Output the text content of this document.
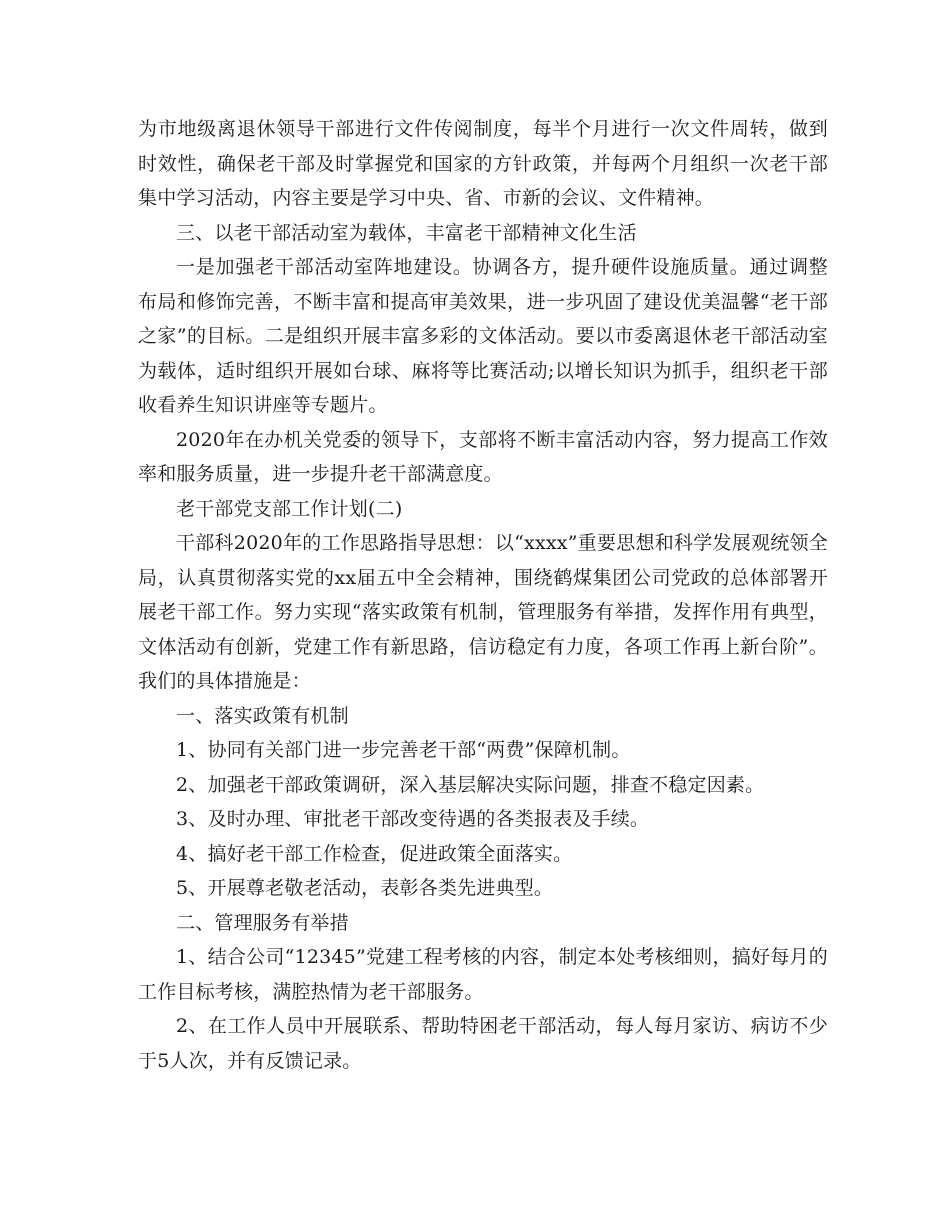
为市地级离退休领导干部进行文件传阅制度，每半个月进行一次文件周转，做到时效性，确保老干部及时掌握党和国家的方针政策，并每两个月组织一次老干部集中学习活动，内容主要是学习中央、省、市新的会议、文件精神。

三、以老干部活动室为载体，丰富老干部精神文化生活

一是加强老干部活动室阵地建设。协调各方，提升硬件设施质量。通过调整布局和修饰完善，不断丰富和提高审美效果，进一步巩固了建设优美温馨“老干部之家”的目标。二是组织开展丰富多彩的文体活动。要以市委离退休老干部活动室为载体，适时组织开展如台球、麻将等比赛活动;以增长知识为抓手，组织老干部收看养生知识讲座等专题片。

2020年在办机关党委的领导下，支部将不断丰富活动内容，努力提高工作效率和服务质量，进一步提升老干部满意度。

老干部党支部工作计划(二)

干部科2020年的工作思路指导思想：以“xxxx”重要思想和科学发展观统领全局，认真贯彻落实党的xx届五中全会精神，围绕鹤煤集团公司党政的总体部署开展老干部工作。努力实现“落实政策有机制，管理服务有举措，发挥作用有典型，文体活动有创新，党建工作有新思路，信访稳定有力度，各项工作再上新台阶”。我们的具体措施是：

一、落实政策有机制

1、协同有关部门进一步完善老干部“两费”保障机制。

2、加强老干部政策调研，深入基层解决实际问题，排查不稳定因素。

3、及时办理、审批老干部改变待遇的各类报表及手续。

4、搞好老干部工作检查，促进政策全面落实。

5、开展尊老敬老活动，表彰各类先进典型。

二、管理服务有举措

1、结合公司“12345”党建工程考核的内容，制定本处考核细则，搞好每月的工作目标考核，满腔热情为老干部服务。

2、在工作人员中开展联系、帮助特困老干部活动，每人每月家访、病访不少于5人次，并有反馈记录。
